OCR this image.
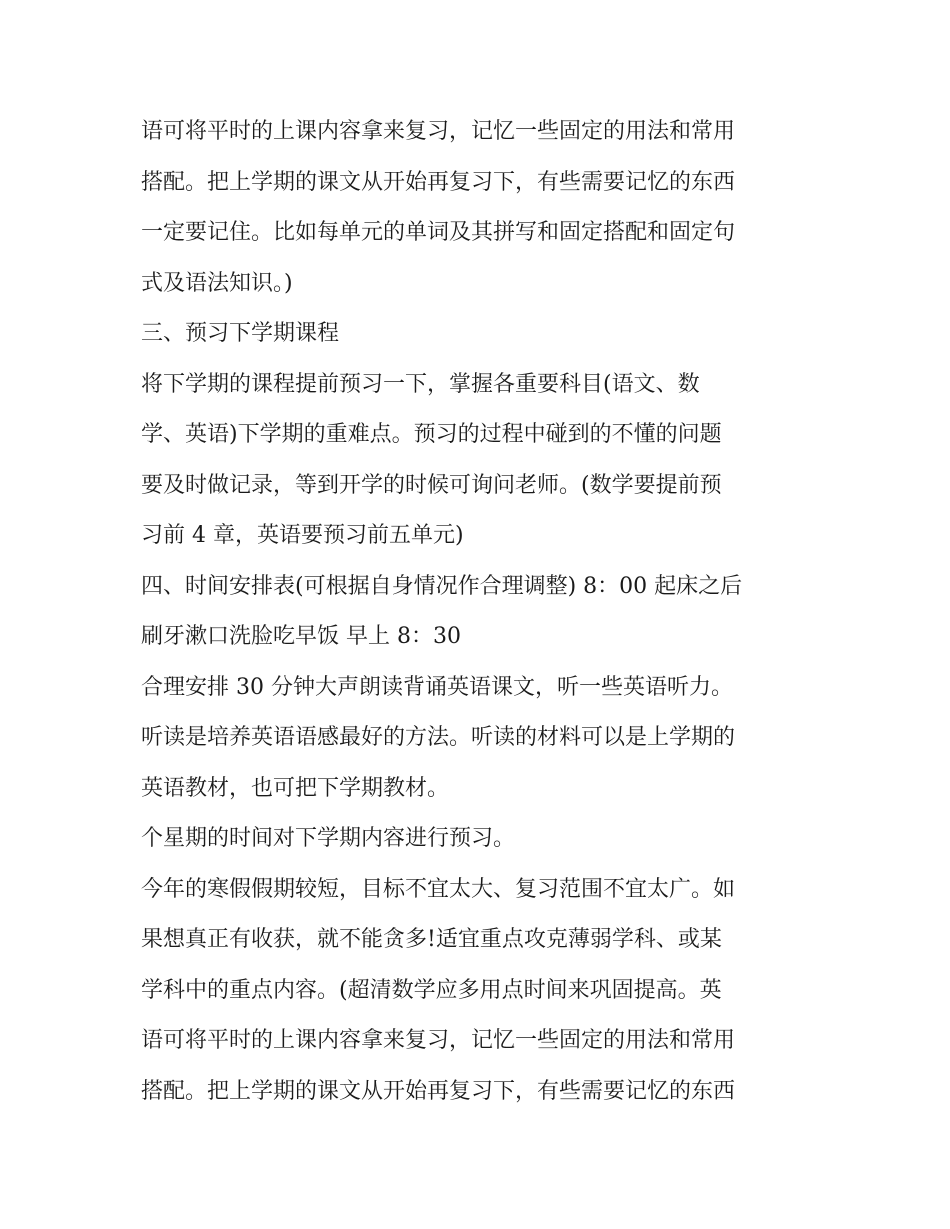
语可将平时的上课内容拿来复习，记忆一些固定的用法和常用
搭配。把上学期的课文从开始再复习下，有些需要记忆的东西
一定要记住。比如每单元的单词及其拼写和固定搭配和固定句
式及语法知识。)
三、预习下学期课程
将下学期的课程提前预习一下，掌握各重要科目(语文、数
学、英语)下学期的重难点。预习的过程中碰到的不懂的问题
要及时做记录，等到开学的时候可询问老师。(数学要提前预
习前 4 章，英语要预习前五单元)
四、时间安排表(可根据自身情况作合理调整) 8：00 起床之后
刷牙漱口洗脸吃早饭 早上 8：30
合理安排 30 分钟大声朗读背诵英语课文，听一些英语听力。
听读是培养英语语感最好的方法。听读的材料可以是上学期的
英语教材，也可把下学期教材。
个星期的时间对下学期内容进行预习。
今年的寒假假期较短，目标不宜太大、复习范围不宜太广。如
果想真正有收获，就不能贪多!适宜重点攻克薄弱学科、或某
学科中的重点内容。(超清数学应多用点时间来巩固提高。英
语可将平时的上课内容拿来复习，记忆一些固定的用法和常用
搭配。把上学期的课文从开始再复习下，有些需要记忆的东西
